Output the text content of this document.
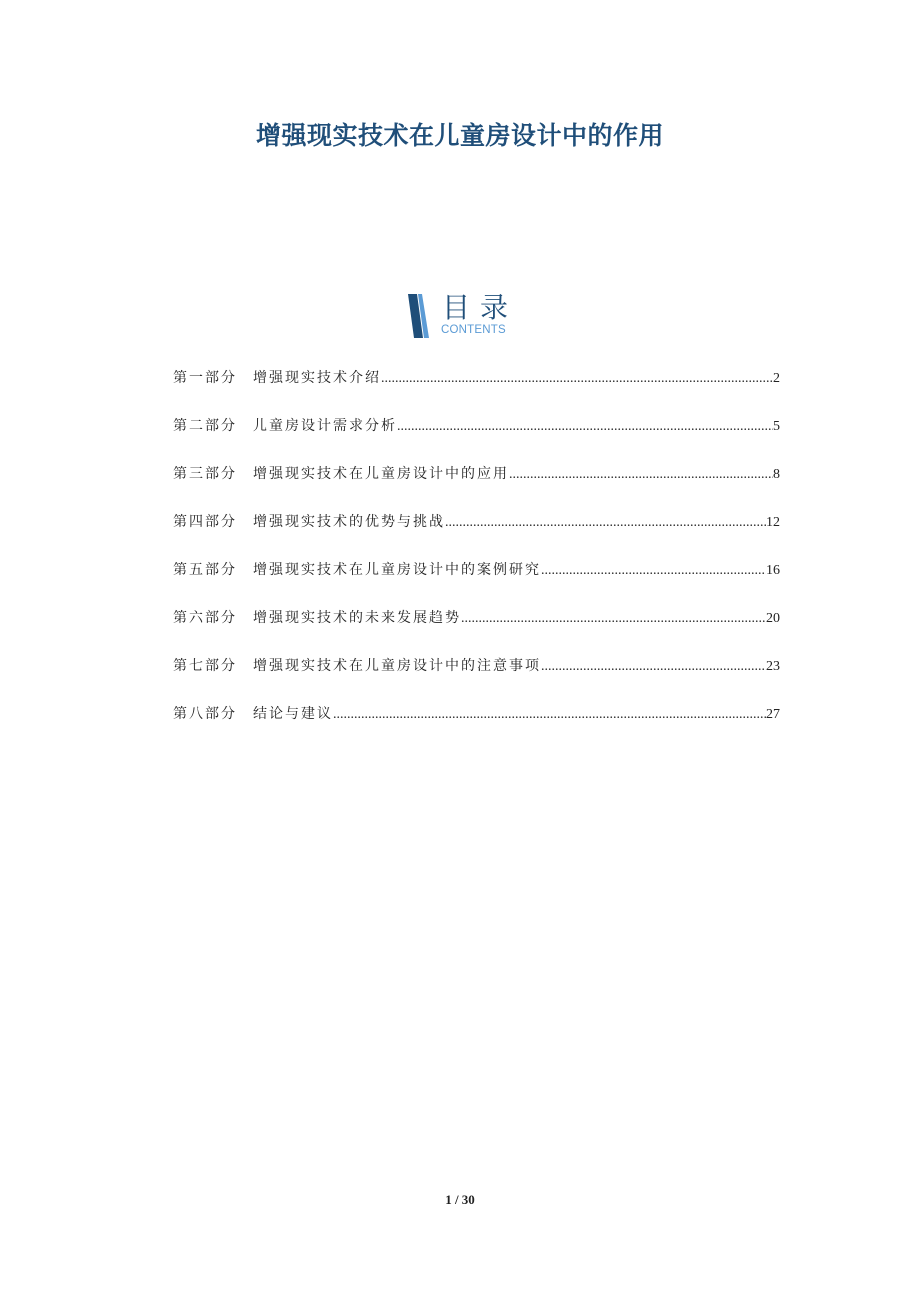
增强现实技术在儿童房设计中的作用
目录
CONTENTS
第一部分	增强现实技术介绍 .....	2
第二部分	儿童房设计需求分析 .....	5
第三部分	增强现实技术在儿童房设计中的应用 .....	8
第四部分	增强现实技术的优势与挑战 .....	12
第五部分	增强现实技术在儿童房设计中的案例研究 .....	16
第六部分	增强现实技术的未来发展趋势 .....	20
第七部分	增强现实技术在儿童房设计中的注意事项 .....	23
第八部分	结论与建议 .....	27
1 / 30
